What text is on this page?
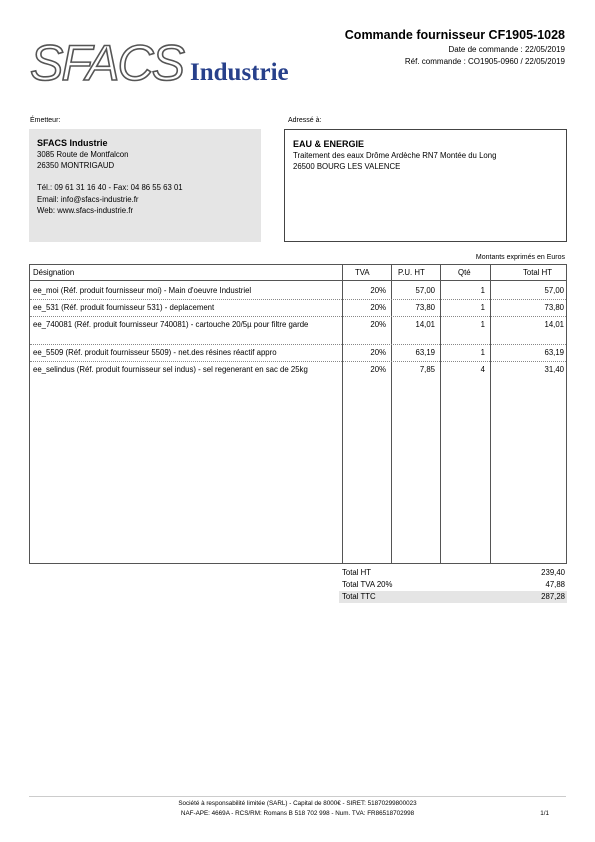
SFACS Industrie
Commande fournisseur CF1905-1028
Date de commande : 22/05/2019
Réf. commande : CO1905-0960 / 22/05/2019
Émetteur:
SFACS Industrie
3085 Route de Montfalcon
26350 MONTRIGAUD
Tél.: 09 61 31 16 40 - Fax: 04 86 55 63 01
Email: info@sfacs-industrie.fr
Web: www.sfacs-industrie.fr
Adressé à:
EAU & ENERGIE
Traitement des eaux Drôme Ardèche RN7 Montée du Long
26500 BOURG LES VALENCE
Montants exprimés en Euros
Désignation	TVA	P.U. HT	Qté	Total HT
ee_moi (Réf. produit fournisseur moi) - Main d'oeuvre Industriel	20%	57,00	1	57,00
ee_531 (Réf. produit fournisseur 531) - deplacement	20%	73,80	1	73,80
ee_740081 (Réf. produit fournisseur 740081) - cartouche 20/5µ pour filtre garde	20%	14,01	1	14,01
ee_5509 (Réf. produit fournisseur 5509) - net.des résines réactif appro	20%	63,19	1	63,19
ee_selindus (Réf. produit fournisseur sel indus) - sel regenerant en sac de 25kg	20%	7,85	4	31,40
Total HT	239,40
Total TVA 20%	47,88
Total TTC	287,28
Société à responsabilité limitée (SARL) - Capital de 8000€ - SIRET: 51870299800023
NAF-APE: 4669A - RCS/RM: Romans B 518 702 998 - Num. TVA: FR86518702998	1/1
